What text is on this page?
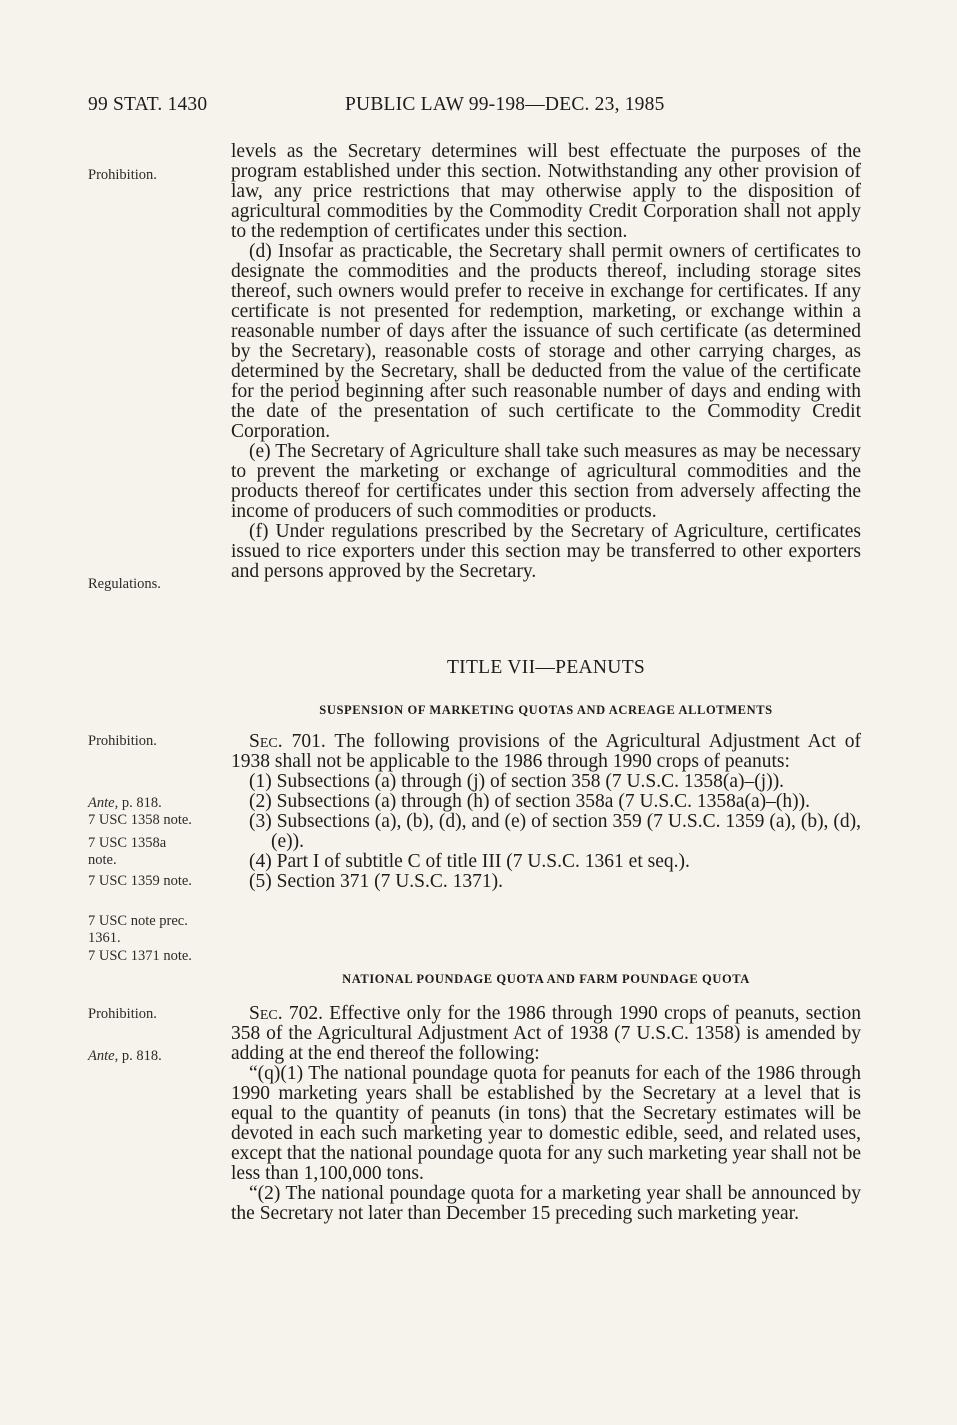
99 STAT. 1430	PUBLIC LAW 99-198—DEC. 23, 1985
Prohibition.
Regulations.
Prohibition.
Ante, p. 818.
7 USC 1358 note.
7 USC 1358a
note.
7 USC 1359 note.
7 USC note prec.
1361.
7 USC 1371 note.
Prohibition.
Ante, p. 818.

levels as the Secretary determines will best effectuate the purposes of the program established under this section. Notwithstanding any other provision of law, any price restrictions that may otherwise apply to the disposition of agricultural commodities by the Commodity Credit Corporation shall not apply to the redemption of certificates under this section.

(d) Insofar as practicable, the Secretary shall permit owners of certificates to designate the commodities and the products thereof, including storage sites thereof, such owners would prefer to receive in exchange for certificates. If any certificate is not presented for redemption, marketing, or exchange within a reasonable number of days after the issuance of such certificate (as determined by the Secretary), reasonable costs of storage and other carrying charges, as determined by the Secretary, shall be deducted from the value of the certificate for the period beginning after such reasonable number of days and ending with the date of the presentation of such certificate to the Commodity Credit Corporation.

(e) The Secretary of Agriculture shall take such measures as may be necessary to prevent the marketing or exchange of agricultural commodities and the products thereof for certificates under this section from adversely affecting the income of producers of such commodities or products.

(f) Under regulations prescribed by the Secretary of Agriculture, certificates issued to rice exporters under this section may be transferred to other exporters and persons approved by the Secretary.

TITLE VII—PEANUTS
SUSPENSION OF MARKETING QUOTAS AND ACREAGE ALLOTMENTS

Sec. 701. The following provisions of the Agricultural Adjustment Act of 1938 shall not be applicable to the 1986 through 1990 crops of peanuts:

(1) Subsections (a) through (j) of section 358 (7 U.S.C. 1358(a)–(j)).

(2) Subsections (a) through (h) of section 358a (7 U.S.C. 1358a(a)–(h)).

(3) Subsections (a), (b), (d), and (e) of section 359 (7 U.S.C. 1359 (a), (b), (d), (e)).

(4) Part I of subtitle C of title III (7 U.S.C. 1361 et seq.).

(5) Section 371 (7 U.S.C. 1371).

NATIONAL POUNDAGE QUOTA AND FARM POUNDAGE QUOTA

Sec. 702. Effective only for the 1986 through 1990 crops of peanuts, section 358 of the Agricultural Adjustment Act of 1938 (7 U.S.C. 1358) is amended by adding at the end thereof the following:

“(q)(1) The national poundage quota for peanuts for each of the 1986 through 1990 marketing years shall be established by the Secretary at a level that is equal to the quantity of peanuts (in tons) that the Secretary estimates will be devoted in each such marketing year to domestic edible, seed, and related uses, except that the national poundage quota for any such marketing year shall not be less than 1,100,000 tons.

“(2) The national poundage quota for a marketing year shall be announced by the Secretary not later than December 15 preceding such marketing year.
